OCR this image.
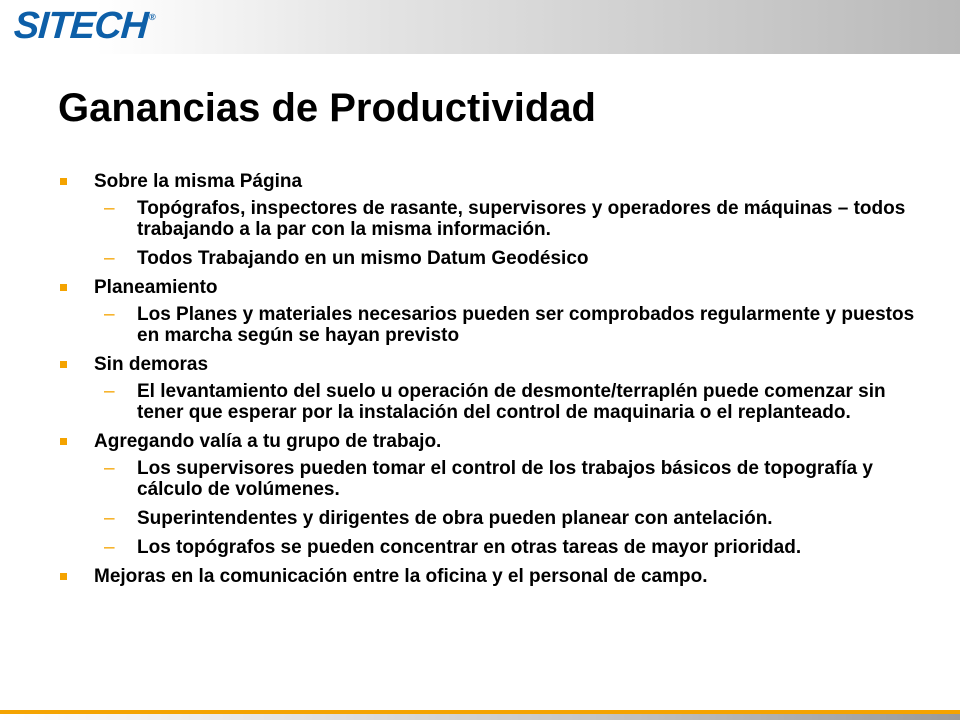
SITECH®
Ganancias de Productividad
Sobre la misma Página
– Topógrafos, inspectores de rasante, supervisores y operadores de máquinas – todos trabajando a la par con la misma información.
– Todos Trabajando en un mismo Datum Geodésico
Planeamiento
– Los Planes y materiales necesarios pueden ser comprobados regularmente y puestos en marcha según se hayan previsto
Sin demoras
– El levantamiento del suelo u operación de desmonte/terraplén puede comenzar sin tener que esperar por la instalación del control de maquinaria o el replanteado.
Agregando valía a tu grupo de trabajo.
– Los supervisores pueden tomar el control de los trabajos básicos de topografía y cálculo de volúmenes.
– Superintendentes y dirigentes de obra pueden planear con antelación.
– Los topógrafos se pueden concentrar en otras tareas de mayor prioridad.
Mejoras en la comunicación entre la oficina y el personal de campo.
